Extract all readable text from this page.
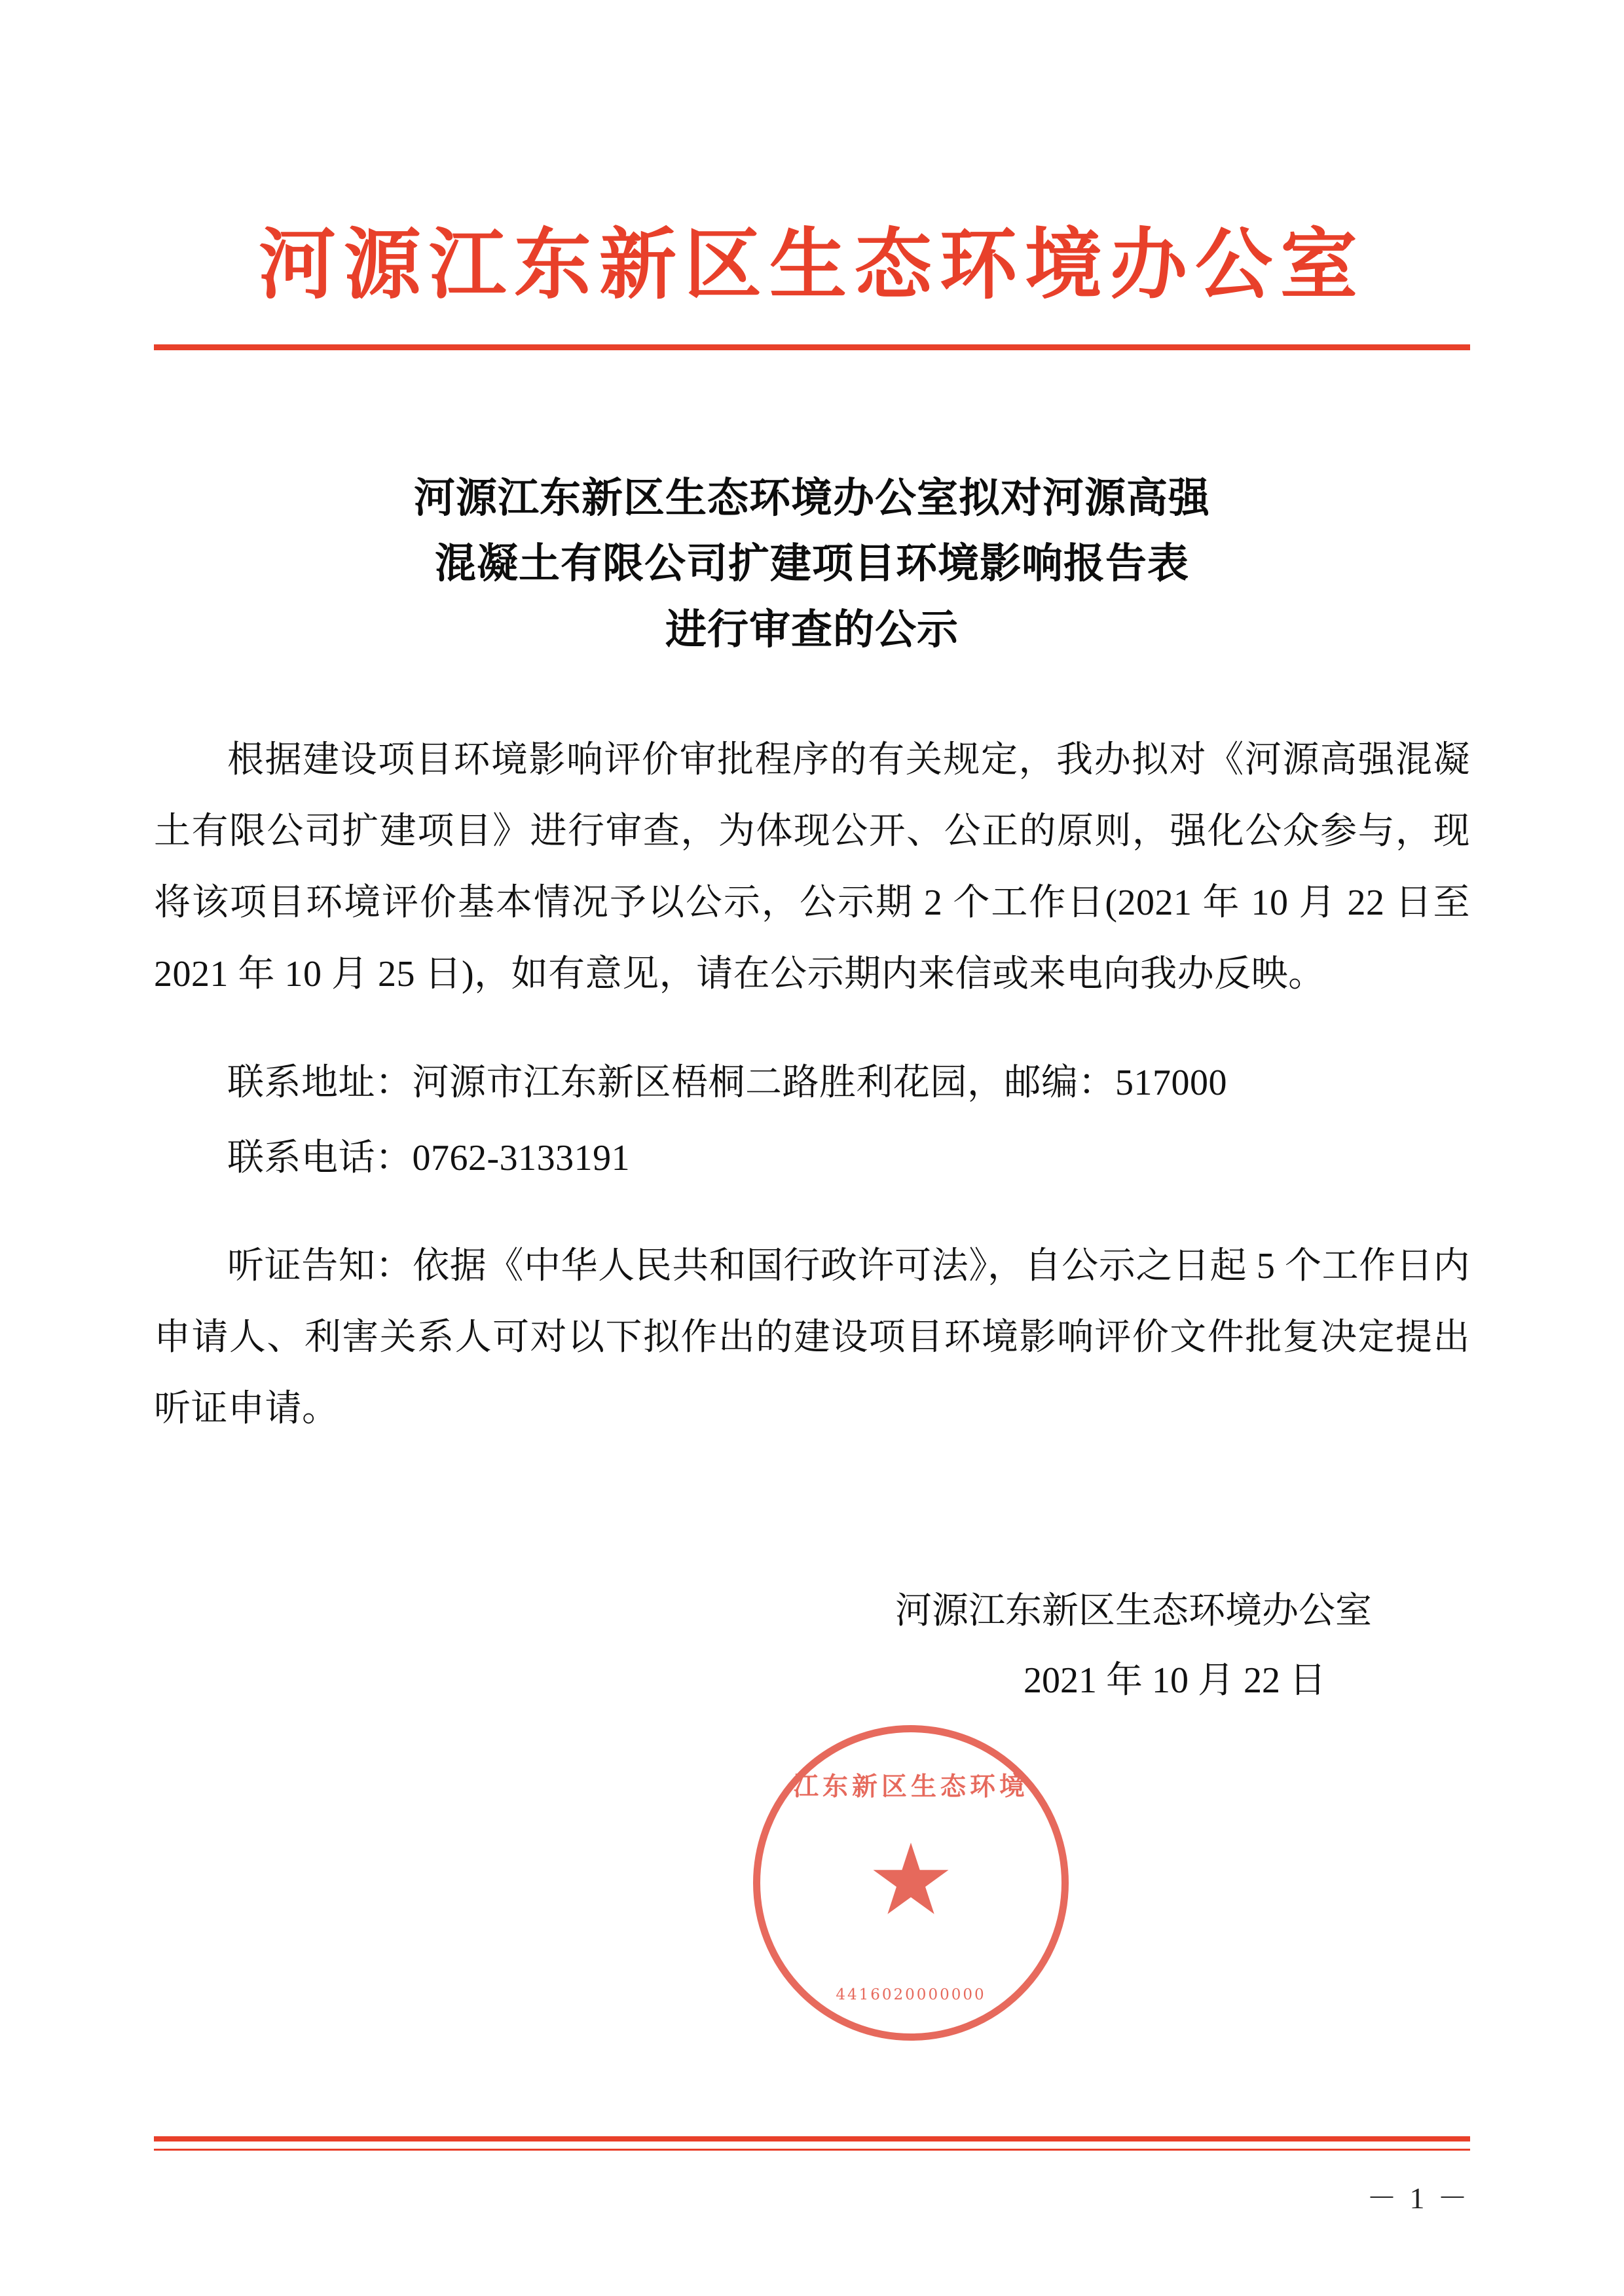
河源江东新区生态环境办公室
河源江东新区生态环境办公室拟对河源高强
混凝土有限公司扩建项目环境影响报告表
进行审查的公示

根据建设项目环境影响评价审批程序的有关规定，我办拟对《河源高强混凝土有限公司扩建项目》进行审查，为体现公开、公正的原则，强化公众参与，现将该项目环境评价基本情况予以公示，公示期 2 个工作日(2021 年 10 月 22 日至 2021 年 10 月 25 日)，如有意见，请在公示期内来信或来电向我办反映。

联系地址：河源市江东新区梧桐二路胜利花园，邮编：517000
联系电话：0762-3133191

听证告知：依据《中华人民共和国行政许可法》，自公示之日起 5 个工作日内申请人、利害关系人可对以下拟作出的建设项目环境影响评价文件批复决定提出听证申请。

江东新区生态环境
★
4416020000000
河源江东新区生态环境办公室
2021 年 10 月 22 日
－ 1 －
